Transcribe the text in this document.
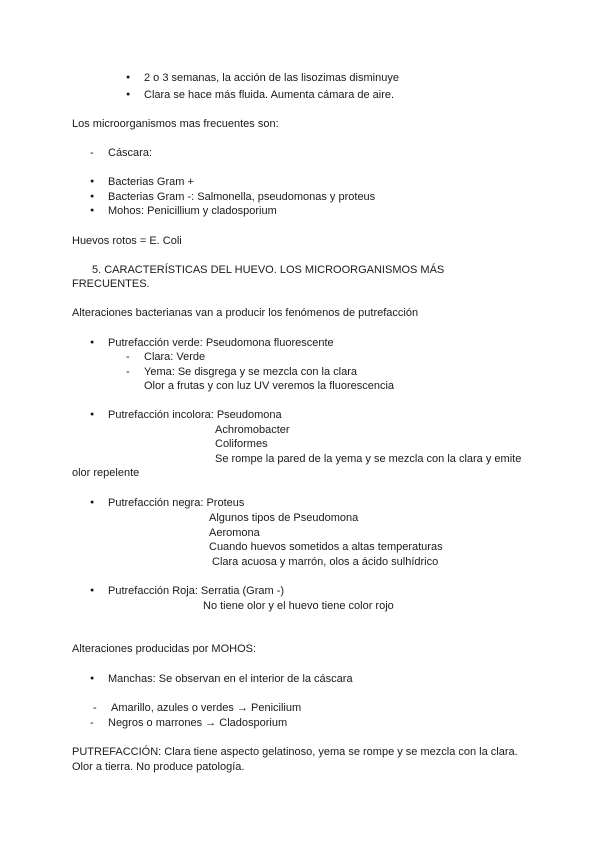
● 2 o 3 semanas, la acción de las lisozimas disminuye
● Clara se hace más fluida. Aumenta cámara de aire.
Los microorganismos mas frecuentes son:
- Cáscara:
● Bacterias Gram +
● Bacterias Gram -: Salmonella, pseudomonas y proteus
● Mohos: Penicillium y cladosporium
Huevos rotos = E. Coli
5. CARACTERÍSTICAS DEL HUEVO. LOS MICROORGANISMOS MÁS
FRECUENTES.
Alteraciones bacterianas van a producir los fenómenos de putrefacción
● Putrefacción verde: Pseudomona fluorescente
- Clara: Verde
- Yema: Se disgrega y se mezcla con la clara
Olor a frutas y con luz UV veremos la fluorescencia
● Putrefacción incolora: Pseudomona
Achromobacter
Coliformes
Se rompe la pared de la yema y se mezcla con la clara y emite
olor repelente
● Putrefacción negra: Proteus
Algunos tipos de Pseudomona
Aeromona
Cuando huevos sometidos a altas temperaturas
Clara acuosa y marrón, olos a ácido sulhídrico
● Putrefacción Roja: Serratia (Gram -)
No tiene olor y el huevo tiene color rojo
Alteraciones producidas por MOHOS:
● Manchas: Se observan en el interior de la cáscara
- Amarillo, azules o verdes → Penicilium
- Negros o marrones → Cladosporium
PUTREFACCIÓN: Clara tiene aspecto gelatinoso, yema se rompe y se mezcla con la clara.
Olor a tierra. No produce patología.
